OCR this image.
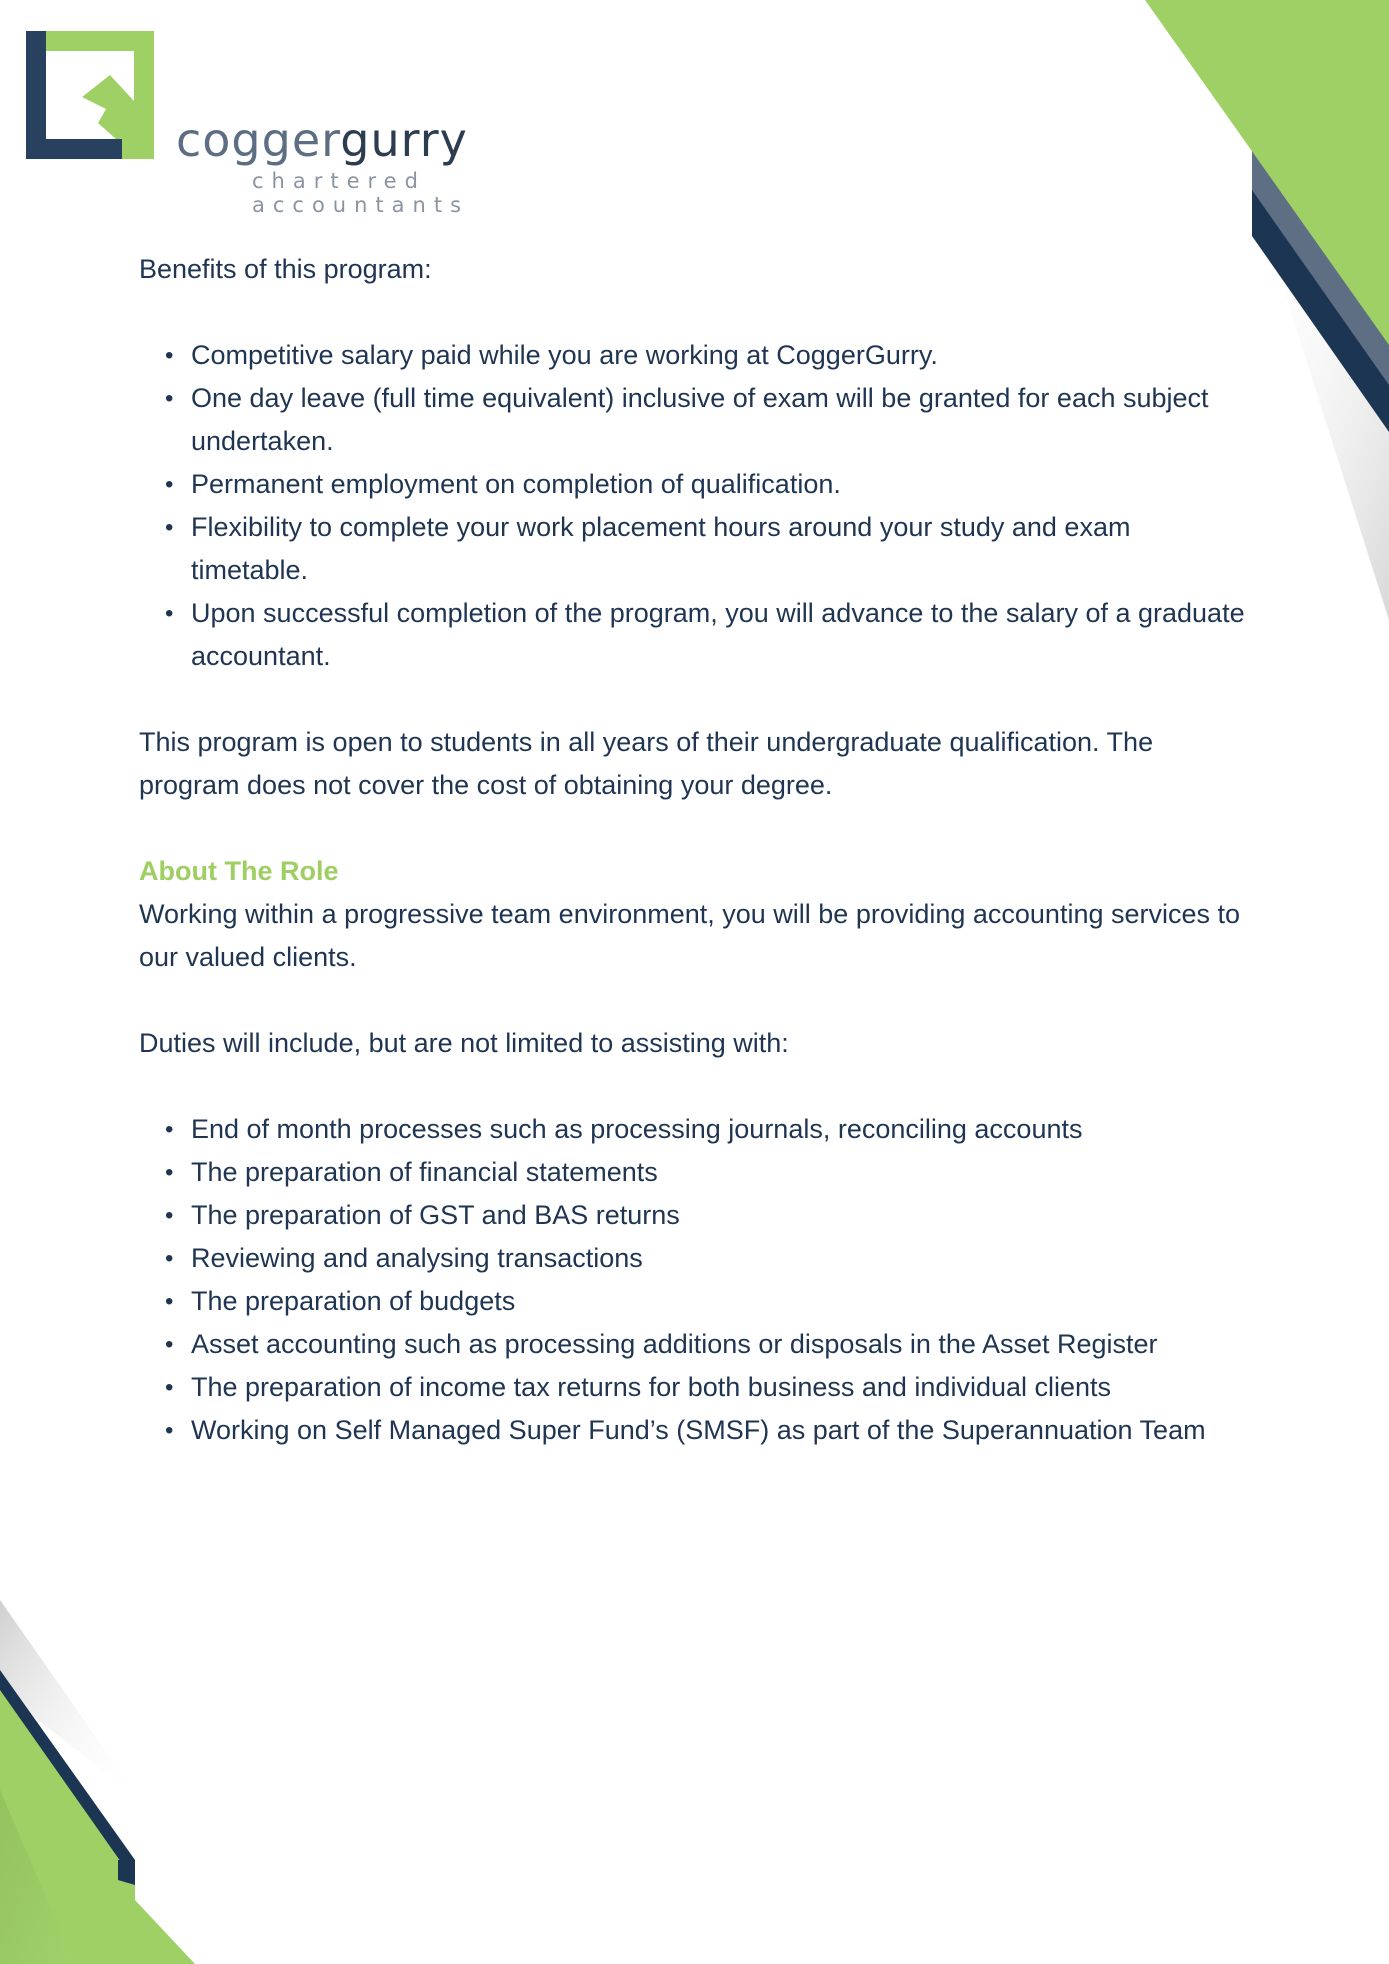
coggergurry
chartered accountants

Benefits of this program:

• Competitive salary paid while you are working at CoggerGurry.
• One day leave (full time equivalent) inclusive of exam will be granted for each subject undertaken.
• Permanent employment on completion of qualification.
• Flexibility to complete your work placement hours around your study and exam timetable.
• Upon successful completion of the program, you will advance to the salary of a graduate accountant.

This program is open to students in all years of their undergraduate qualification. The program does not cover the cost of obtaining your degree.

About The Role

Working within a progressive team environment, you will be providing accounting services to our valued clients.

Duties will include, but are not limited to assisting with:

• End of month processes such as processing journals, reconciling accounts
• The preparation of financial statements
• The preparation of GST and BAS returns
• Reviewing and analysing transactions
• The preparation of budgets
• Asset accounting such as processing additions or disposals in the Asset Register
• The preparation of income tax returns for both business and individual clients
• Working on Self Managed Super Fund’s (SMSF) as part of the Superannuation Team
